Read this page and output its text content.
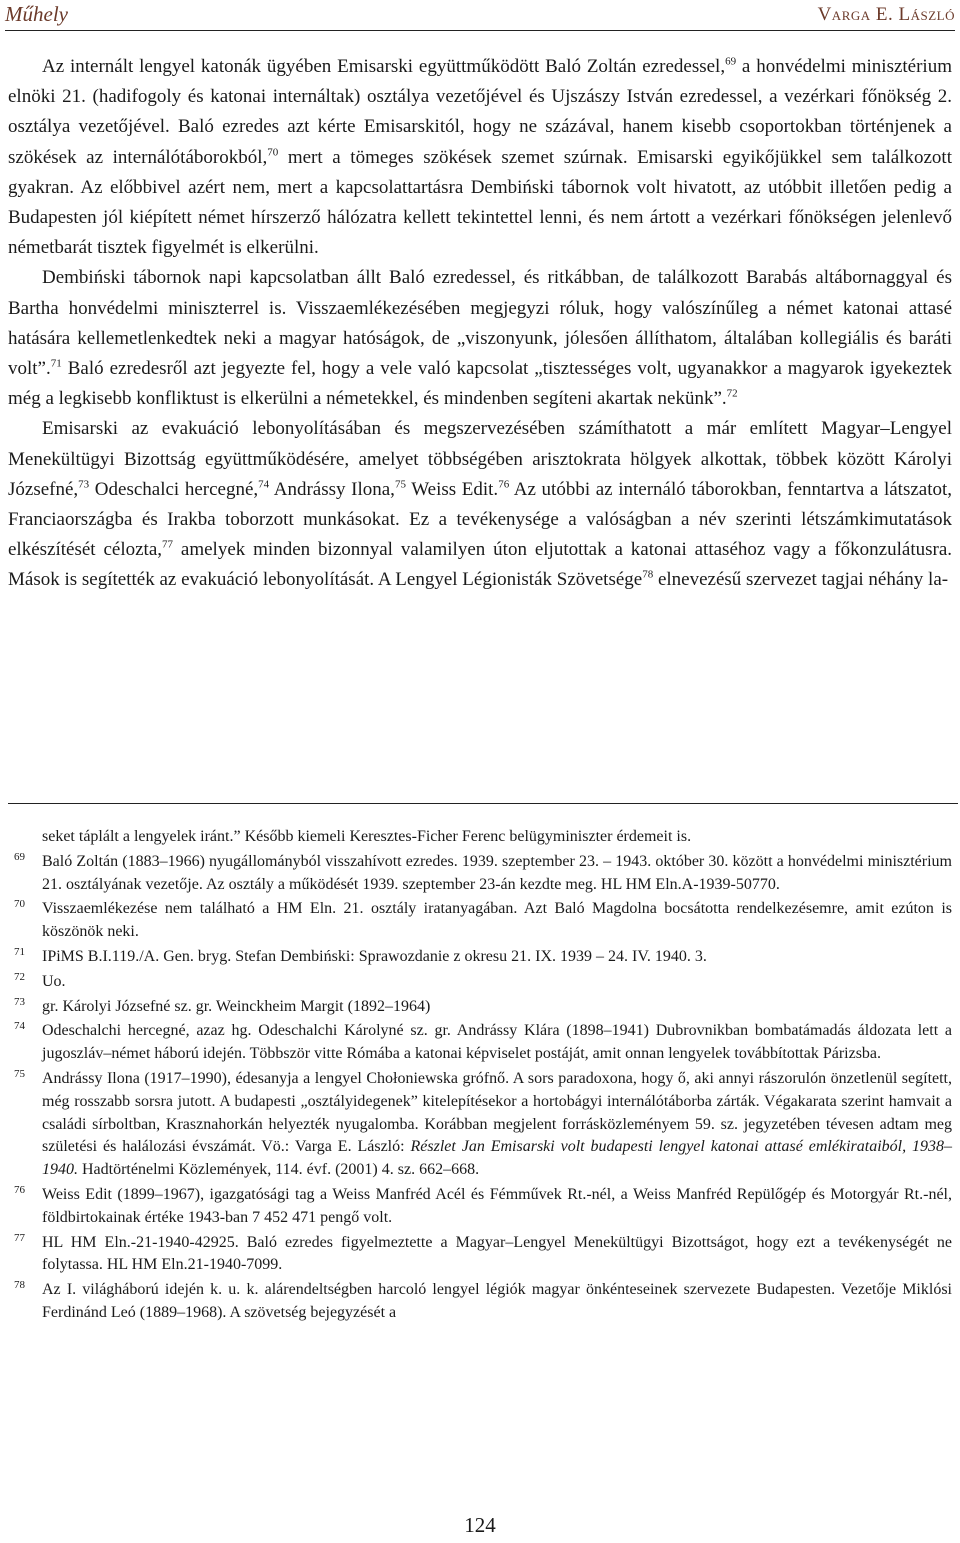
Műhely	Varga E. László

Az internált lengyel katonák ügyében Emisarski együttműködött Baló Zoltán ezredessel,$^{69}$ a honvédelmi minisztérium elnöki 21. (hadifogoly és katonai internáltak) osztálya vezetőjével és Ujszászy István ezredessel, a vezérkari főnökség 2. osztálya vezetőjével. Baló ezredes azt kérte Emisarskitól, hogy ne százával, hanem kisebb csoportokban történjenek a szökések az internálótáborokból,$^{70}$ mert a tömeges szökések szemet szúrnak. Emisarski egyikőjükkel sem találkozott gyakran. Az előbbivel azért nem, mert a kapcsolattartásra Dembiński tábornok volt hivatott, az utóbbit illetően pedig a Budapesten jól kiépített német hírszerző hálózatra kellett tekintettel lenni, és nem ártott a vezérkari főnökségen jelenlevő németbarát tisztek figyelmét is elkerülni.

Dembiński tábornok napi kapcsolatban állt Baló ezredessel, és ritkábban, de találkozott Barabás altábornaggyal és Bartha honvédelmi miniszterrel is. Visszaemlékezésében megjegyzi róluk, hogy valószínűleg a német katonai attasé hatására kellemetlenkedtek neki a magyar hatóságok, de „viszonyunk, jólesően állíthatom, általában kollegiális és baráti volt”.$^{71}$ Baló ezredesről azt jegyezte fel, hogy a vele való kapcsolat „tisztességes volt, ugyanakkor a magyarok igyekeztek még a legkisebb konfliktust is elkerülni a németekkel, és mindenben segíteni akartak nekünk”.$^{72}$

Emisarski az evakuáció lebonyolításában és megszervezésében számíthatott a már említett Magyar–Lengyel Menekültügyi Bizottság együttműködésére, amelyet többségében arisztokrata hölgyek alkottak, többek között Károlyi Józsefné,$^{73}$ Odeschalci hercegné,$^{74}$ Andrássy Ilona,$^{75}$ Weiss Edit.$^{76}$ Az utóbbi az internáló táborokban, fenntartva a látszatot, Franciaországba és Irakba toborzott munkásokat. Ez a tevékenysége a valóságban a név szerinti létszámkimutatások elkészítését célozta,$^{77}$ amelyek minden bizonnyal valamilyen úton eljutottak a katonai attaséhoz vagy a főkonzulátusra. Mások is segítették az evakuáció lebonyolítását. A Lengyel Légionisták Szövetsége$^{78}$ elnevezésű szervezet tagjai néhány la-

seket táplált a lengyelek iránt.” Később kiemeli Keresztes-Ficher Ferenc belügyminiszter érdemeit is.

69 Baló Zoltán (1883–1966) nyugállományból visszahívott ezredes. 1939. szeptember 23. – 1943. október 30. között a honvédelmi minisztérium 21. osztályának vezetője. Az osztály a működését 1939. szeptember 23-án kezdte meg. HL HM Eln.A-1939-50770.
70 Visszaemlékezése nem található a HM Eln. 21. osztály iratanyagában. Azt Baló Magdolna bocsátotta rendelkezésemre, amit ezúton is köszönök neki.
71 IPiMS B.I.119./A. Gen. bryg. Stefan Dembiński: Sprawozdanie z okresu 21. IX. 1939 – 24. IV. 1940. 3.
72 Uo.
73 gr. Károlyi Józsefné sz. gr. Weinckheim Margit (1892–1964)
74 Odeschalchi hercegné, azaz hg. Odeschalchi Károlyné sz. gr. Andrássy Klára (1898–1941) Dubrovnikban bombatámadás áldozata lett a jugoszláv–német háború idején. Többször vitte Rómába a katonai képviselet postáját, amit onnan lengyelek továbbítottak Párizsba.
75 Andrássy Ilona (1917–1990), édesanyja a lengyel Chołoniewska grófnő. A sors paradoxona, hogy ő, aki annyi rászorulón önzetlenül segített, még rosszabb sorsra jutott. A budapesti „osztályidegenek” kitelepítésekor a hortobágyi internálótáborba zárták. Végakarata szerint hamvait a családi sírboltban, Krasznahorkán helyezték nyugalomba. Korábban megjelent forrásközleményem 59. sz. jegyzetében tévesen adtam meg születési és halálozási évszámát. Vö.: Varga E. László: Részlet Jan Emisarski volt budapesti lengyel katonai attasé emlékirataiból, 1938–1940. Hadtörténelmi Közlemények, 114. évf. (2001) 4. sz. 662–668.
76 Weiss Edit (1899–1967), igazgatósági tag a Weiss Manfréd Acél és Fémművek Rt.-nél, a Weiss Manfréd Repülőgép és Motorgyár Rt.-nél, földbirtokainak értéke 1943-ban 7 452 471 pengő volt.
77 HL HM Eln.-21-1940-42925. Baló ezredes figyelmeztette a Magyar–Lengyel Menekültügyi Bizottságot, hogy ezt a tevékenységét ne folytassa. HL HM Eln.21-1940-7099.
78 Az I. világháború idején k. u. k. alárendeltségben harcoló lengyel légiók magyar önkénteseinek szervezete Budapesten. Vezetője Miklósi Ferdinánd Leó (1889–1968). A szövetség bejegyzését a
124
